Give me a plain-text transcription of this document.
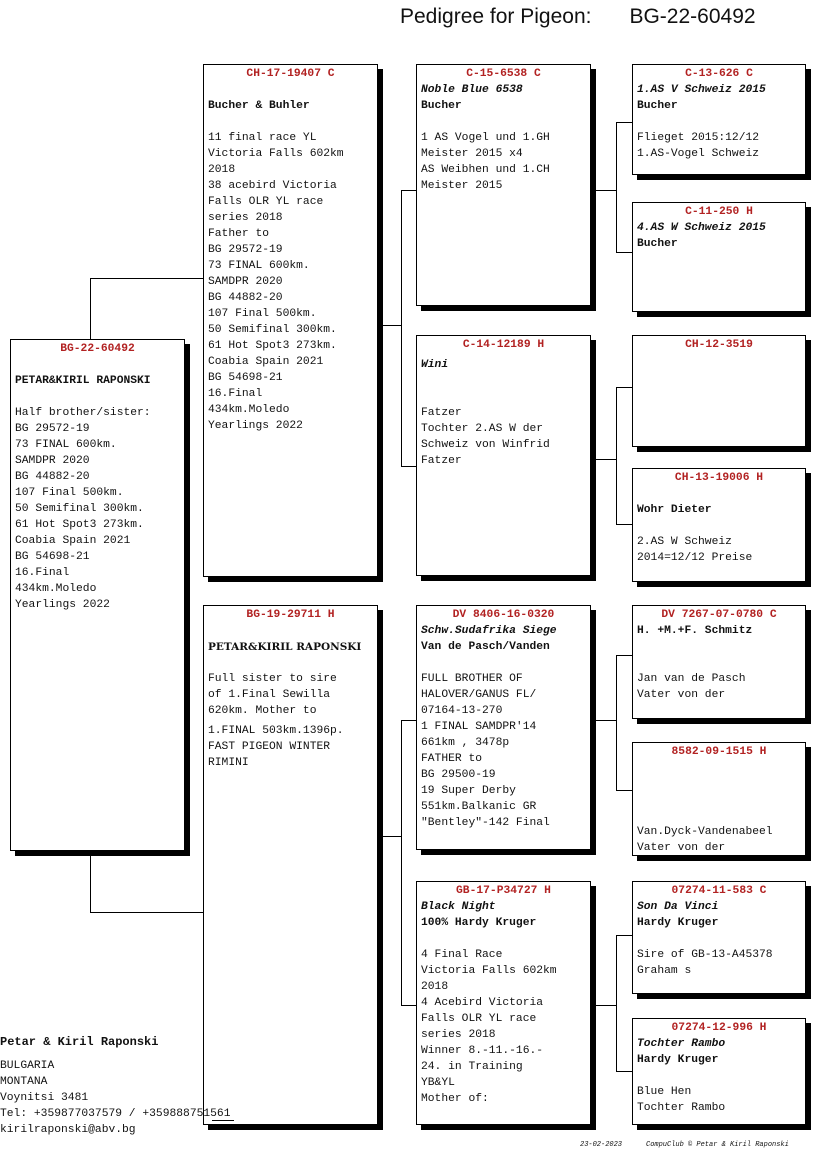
Pedigree for Pigeon: BG-22-60492
BG-22-60492

PETAR&KIRIL RAPONSKI

Half brother/sister:
BG 29572-19
73 FINAL 600km.
SAMDPR 2020
BG 44882-20
107 Final 500km.
50 Semifinal 300km.
61 Hot Spot3 273km.
Coabia Spain 2021
BG 54698-21
16.Final
434km.Moledo
Yearlings 2022
CH-17-19407 C

Bucher & Buhler

11 final race YL
Victoria Falls 602km
2018
38 acebird Victoria
Falls OLR YL race
series 2018
Father to
BG 29572-19
73 FINAL 600km.
SAMDPR 2020
BG 44882-20
107 Final 500km.
50 Semifinal 300km.
61 Hot Spot3 273km.
Coabia Spain 2021
BG 54698-21
16.Final
434km.Moledo
Yearlings 2022
BG-19-29711 H

PETAR&KIRIL RAPONSKI

Full sister to sire
of 1.Final Sewilla
620km. Mother to
1.FINAL 503km.1396p.
FAST PIGEON WINTER
RIMINI
C-15-6538 C
Noble Blue 6538
Bucher

1 AS Vogel und 1.GH
Meister 2015 x4
AS Weibhen und 1.CH
Meister 2015
C-14-12189 H
Wini

Fatzer
Tochter 2.AS W der
Schweiz von Winfrid
Fatzer
DV 8406-16-0320
Schw.Sudafrika Siege
Van de Pasch/Vanden

FULL BROTHER OF
HALOVER/GANUS FL/
07164-13-270
1 FINAL SAMDPR'14
661km , 3478p
FATHER to
BG 29500-19
19 Super Derby
551km.Balkanic GR
"Bentley"-142 Final
GB-17-P34727 H
Black Night
100% Hardy Kruger

4 Final Race
Victoria Falls 602km
2018
4 Acebird Victoria
Falls OLR YL race
series 2018
Winner 8.-11.-16.-
24. in Training
YB&YL
Mother of:
C-13-626 C
1.AS V Schweiz 2015
Bucher

Flieget 2015:12/12
1.AS-Vogel Schweiz
C-11-250 H
4.AS W Schweiz 2015
Bucher
CH-12-3519
CH-13-19006 H

Wohr Dieter

2.AS W Schweiz
2014=12/12 Preise
DV 7267-07-0780 C
H. +M.+F. Schmitz

Jan van de Pasch
Vater von der
8582-09-1515 H

Van.Dyck-Vandenabeel
Vater von der
07274-11-583 C
Son Da Vinci
Hardy Kruger

Sire of GB-13-A45378
Graham s
07274-12-996 H
Tochter Rambo
Hardy Kruger

Blue Hen
Tochter Rambo
Petar & Kiril Raponski
BULGARIA
MONTANA
Voynitsi 3481
Tel: +359877037579 / +359888751561
kirilraponski@abv.bg
23-02-2023	CompuClub © Petar & Kiril Raponski
